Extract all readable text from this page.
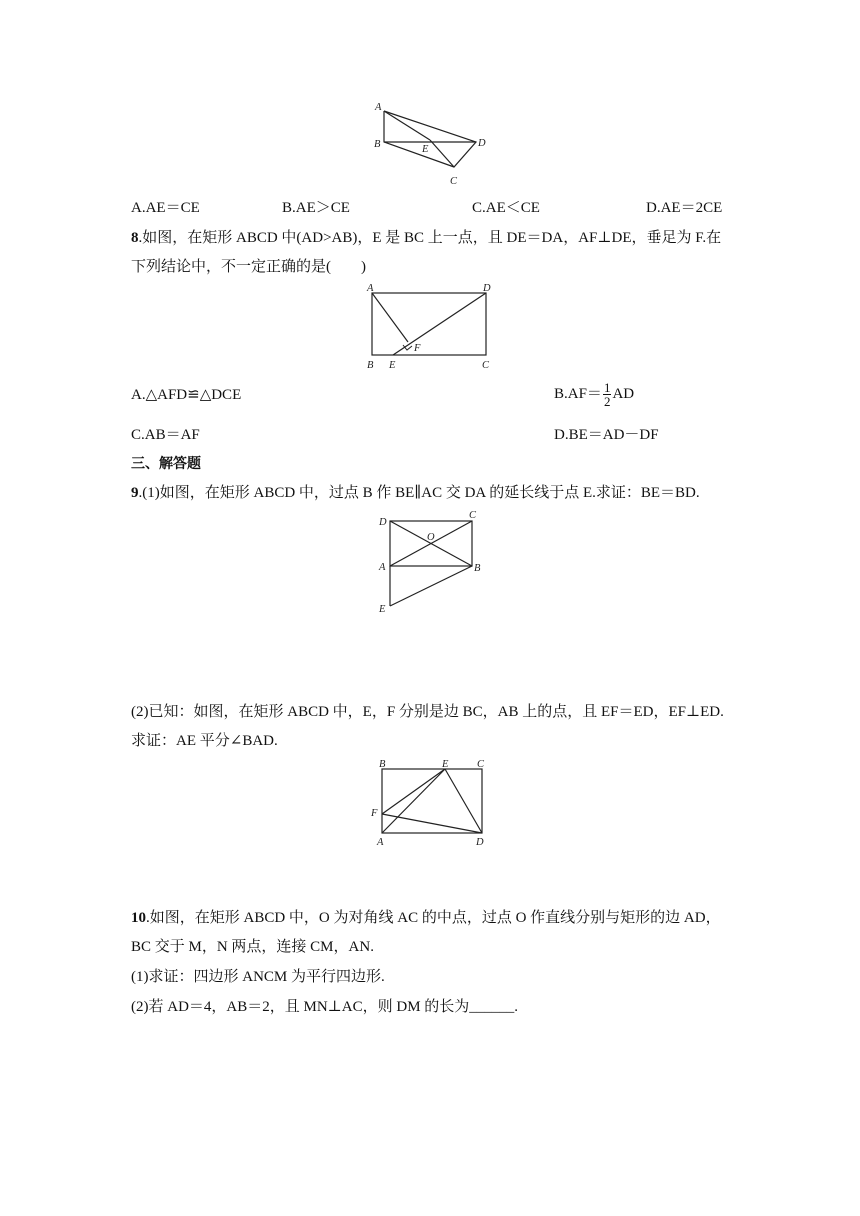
A
B	E
D
C
A.AE＝CE	B.AE＞CE	C.AE＜CE	D.AE＝2CE
8.如图，在矩形 ABCD 中(AD>AB)，E 是 BC 上一点，且 DE＝DA，AF⊥DE，垂足为 F.在
下列结论中，不一定正确的是(　　)
A	D
B E	C
F
A.△AFD≌△DCE	$B.AF= \frac{1}{2}$ AD
C.AB＝AF	D.BE＝AD－DF
三、解答题
9.(1)如图，在矩形 ABCD 中，过点 B 作 BE∥AC 交 DA 的延长线于点 E.求证：BE＝BD.
D
C
O
A	B
E
(2)已知：如图，在矩形 ABCD 中，E，F 分别是边 BC，AB 上的点，且 EF＝ED，EF⊥ED.
求证：AE 平分∠BAD.
B	E	C
F
A	D
10.如图，在矩形 ABCD 中，O 为对角线 AC 的中点，过点 O 作直线分别与矩形的边 AD，
BC 交于 M，N 两点，连接 CM，AN.
(1)求证：四边形 ANCM 为平行四边形.
(2)若 AD＝4，AB＝2，且 MN⊥AC，则 DM 的长为______.
